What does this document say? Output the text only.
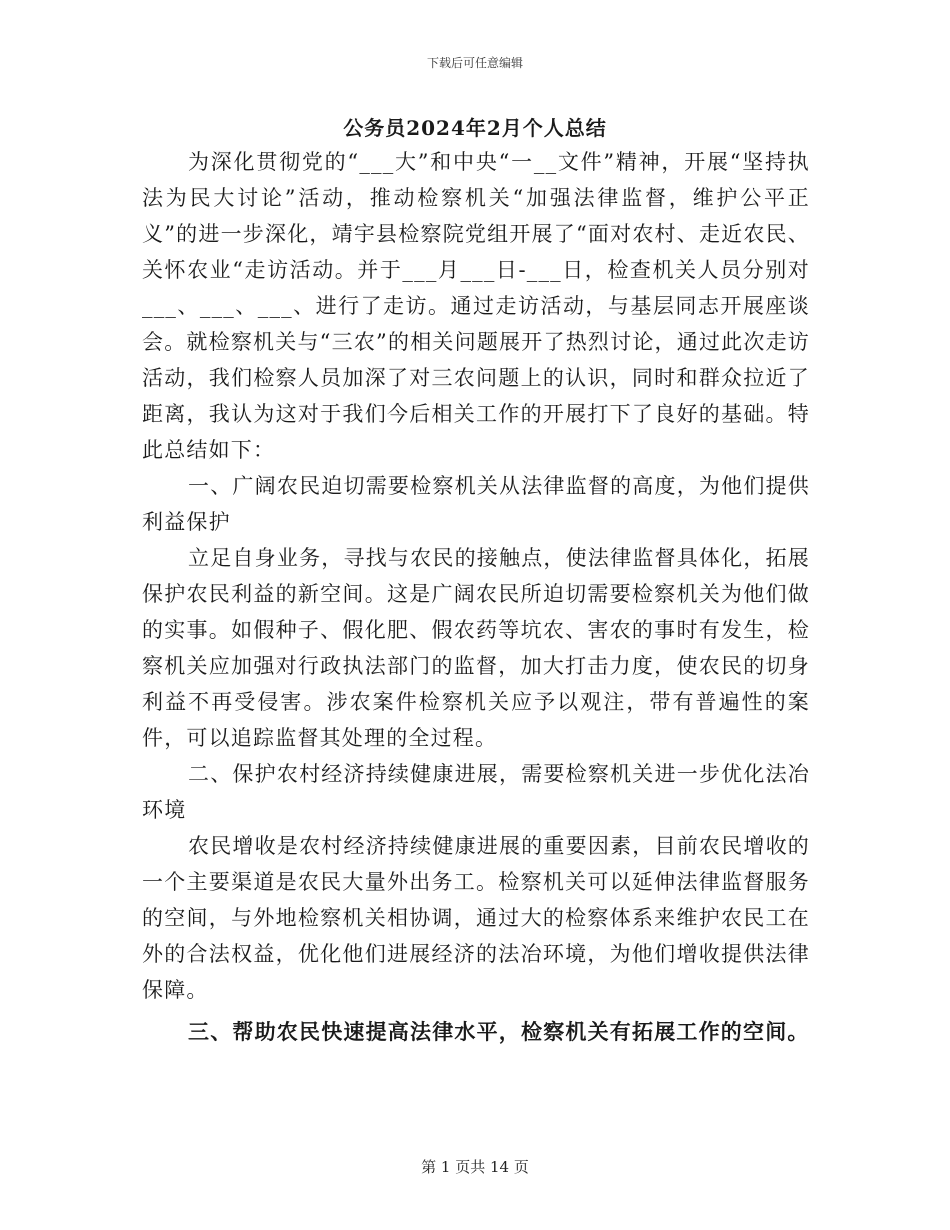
下载后可任意编辑
公务员2024年2月个人总结

为深化贯彻党的“___大”和中央“一__文件”精神，开展“坚持执法为民大讨论”活动，推动检察机关“加强法律监督，维护公平正义”的进一步深化，靖宇县检察院党组开展了“面对农村、走近农民、关怀农业“走访活动。并于___月___日-___日，检查机关人员分别对___、___、___、进行了走访。通过走访活动，与基层同志开展座谈会。就检察机关与“三农”的相关问题展开了热烈讨论，通过此次走访活动，我们检察人员加深了对三农问题上的认识，同时和群众拉近了距离，我认为这对于我们今后相关工作的开展打下了良好的基础。特此总结如下：

一、广阔农民迫切需要检察机关从法律监督的高度，为他们提供利益保护

立足自身业务，寻找与农民的接触点，使法律监督具体化，拓展保护农民利益的新空间。这是广阔农民所迫切需要检察机关为他们做的实事。如假种子、假化肥、假农药等坑农、害农的事时有发生，检察机关应加强对行政执法部门的监督，加大打击力度，使农民的切身利益不再受侵害。涉农案件检察机关应予以观注，带有普遍性的案件，可以追踪监督其处理的全过程。

二、保护农村经济持续健康进展，需要检察机关进一步优化法冶环境

农民增收是农村经济持续健康进展的重要因素，目前农民增收的一个主要渠道是农民大量外出务工。检察机关可以延伸法律监督服务的空间，与外地检察机关相协调，通过大的检察体系来维护农民工在外的合法权益，优化他们进展经济的法冶环境，为他们增收提供法律保障。

三、帮助农民快速提高法律水平，检察机关有拓展工作的空间。

第 1 页共 14 页
